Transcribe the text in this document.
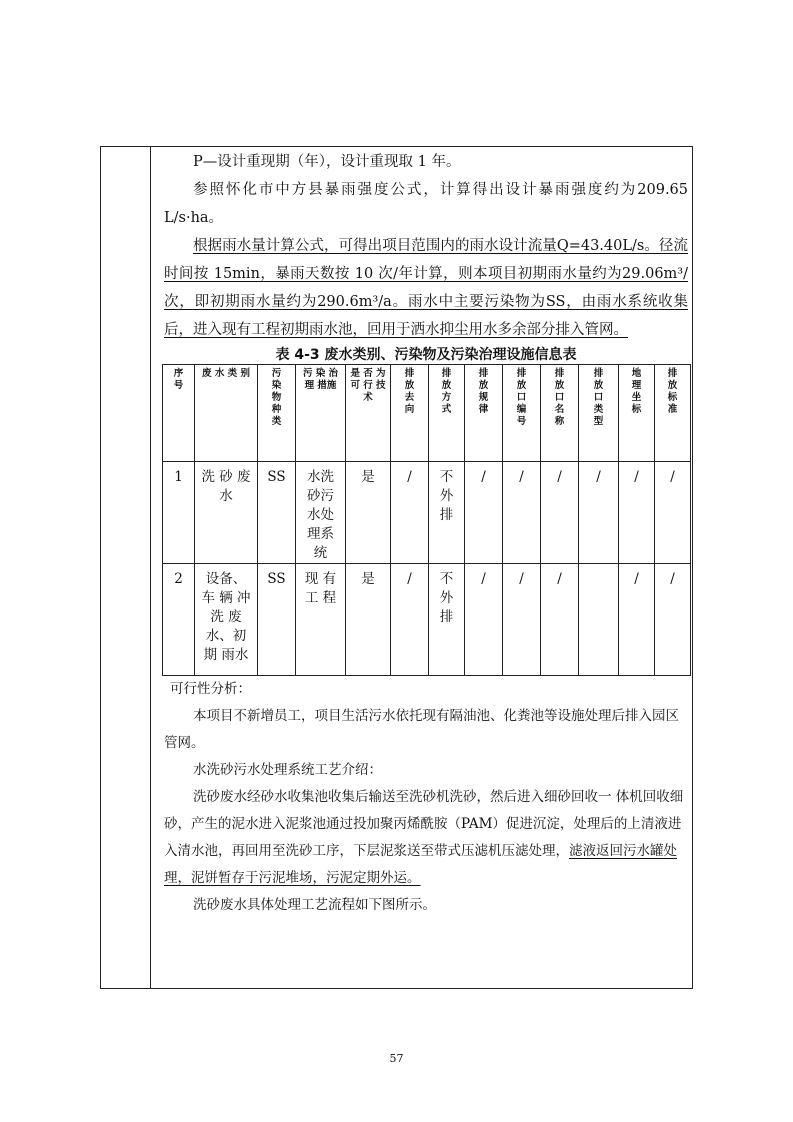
P—设计重现期（年），设计重现取 1 年。

参照怀化市中方县暴雨强度公式，计算得出设计暴雨强度约为209.65 L/s·ha。

根据雨水量计算公式，可得出项目范围内的雨水设计流量Q=43.40L/s。径流时间按 15min，暴雨天数按 10 次/年计算，则本项目初期雨水量约为29.06m³/次，即初期雨水量约为290.6m³/a。雨水中主要污染物为SS，由雨水系统收集后，进入现有工程初期雨水池，回用于洒水抑尘用水多余部分排入管网。

表 4-3 废水类别、污染物及污染治理设施信息表
序号	废 水 类 别	污染物种类	污 染 治 理 措施	是 否 为 可 行 技 术	排放去向	排放方式	排放规律	排放口编号	排放口名称	排放口类型	地理坐标	排放标准

1	洗 砂 废 水	SS	水洗砂污水处理系统	是	/	不外排	/	/	/	/	/	/
2	设备、车 辆 冲 洗 废水、初 期 雨水	SS	现 有 工 程	是	/	不外排	/	/	/		/	/

可行性分析：

本项目不新增员工，项目生活污水依托现有隔油池、化粪池等设施处理后排入园区管网。

水洗砂污水处理系统工艺介绍：

洗砂废水经砂水收集池收集后输送至洗砂机洗砂，然后进入细砂回收一 体机回收细砂，产生的泥水进入泥浆池通过投加聚丙烯酰胺（PAM）促进沉淀，处理后的上清液进入清水池，再回用至洗砂工序，下层泥浆送至带式压滤机压滤处理，滤液返回污水罐处理，泥饼暂存于污泥堆场，污泥定期外运。

洗砂废水具体处理工艺流程如下图所示。

57
